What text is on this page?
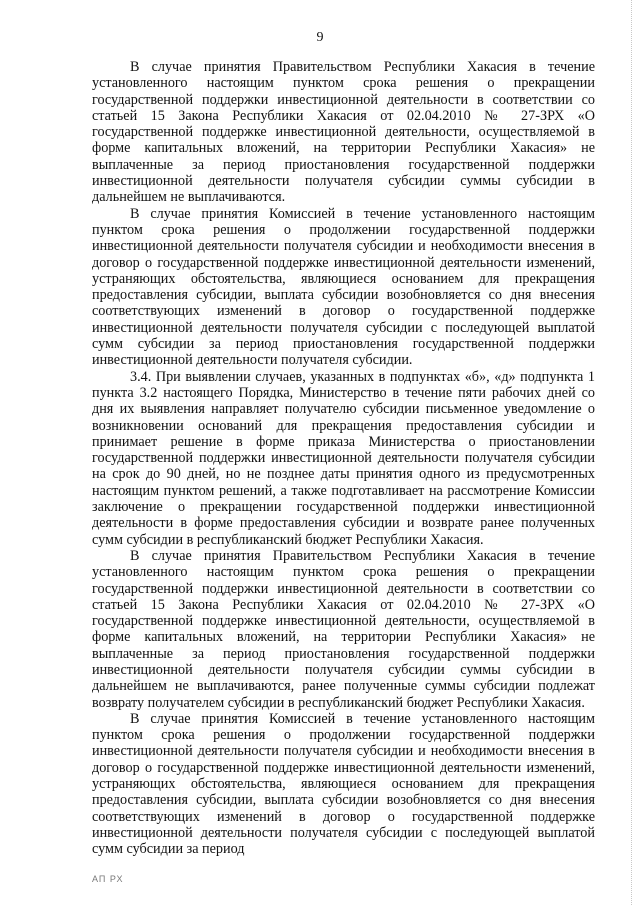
9

В случае принятия Правительством Республики Хакасия в течение установленного настоящим пунктом срока решения о прекращении государственной поддержки инвестиционной деятельности в соответствии со статьей 15 Закона Республики Хакасия от 02.04.2010 № 27-ЗРХ «О государственной поддержке инвестиционной деятельности, осуществляемой в форме капитальных вложений, на территории Республики Хакасия» не выплаченные за период приостановления государственной поддержки инвестиционной деятельности получателя субсидии суммы субсидии в дальнейшем не выплачиваются.

В случае принятия Комиссией в течение установленного настоящим пунктом срока решения о продолжении государственной поддержки инвестиционной деятельности получателя субсидии и необходимости внесения в договор о государственной поддержке инвестиционной деятельности изменений, устраняющих обстоятельства, являющиеся основанием для прекращения предоставления субсидии, выплата субсидии возобновляется со дня внесения соответствующих изменений в договор о государственной поддержке инвестиционной деятельности получателя субсидии с последующей выплатой сумм субсидии за период приостановления государственной поддержки инвестиционной деятельности получателя субсидии.

3.4. При выявлении случаев, указанных в подпунктах «б», «д» подпункта 1 пункта 3.2 настоящего Порядка, Министерство в течение пяти рабочих дней со дня их выявления направляет получателю субсидии письменное уведомление о возникновении оснований для прекращения предоставления субсидии и принимает решение в форме приказа Министерства о приостановлении государственной поддержки инвестиционной деятельности получателя субсидии на срок до 90 дней, но не позднее даты принятия одного из предусмотренных настоящим пунктом решений, а также подготавливает на рассмотрение Комиссии заключение о прекращении государственной поддержки инвестиционной деятельности в форме предоставления субсидии и возврате ранее полученных сумм субсидии в республиканский бюджет Республики Хакасия.

В случае принятия Правительством Республики Хакасия в течение установленного настоящим пунктом срока решения о прекращении государственной поддержки инвестиционной деятельности в соответствии со статьей 15 Закона Республики Хакасия от 02.04.2010 № 27-ЗРХ «О государственной поддержке инвестиционной деятельности, осуществляемой в форме капитальных вложений, на территории Республики Хакасия» не выплаченные за период приостановления государственной поддержки инвестиционной деятельности получателя субсидии суммы субсидии в дальнейшем не выплачиваются, ранее полученные суммы субсидии подлежат возврату получателем субсидии в республиканский бюджет Республики Хакасия.

В случае принятия Комиссией в течение установленного настоящим пунктом срока решения о продолжении государственной поддержки инвестиционной деятельности получателя субсидии и необходимости внесения в договор о государственной поддержке инвестиционной деятельности изменений, устраняющих обстоятельства, являющиеся основанием для прекращения предоставления субсидии, выплата субсидии возобновляется со дня внесения соответствующих изменений в договор о государственной поддержке инвестиционной деятельности получателя субсидии с последующей выплатой сумм субсидии за период

АП РХ
